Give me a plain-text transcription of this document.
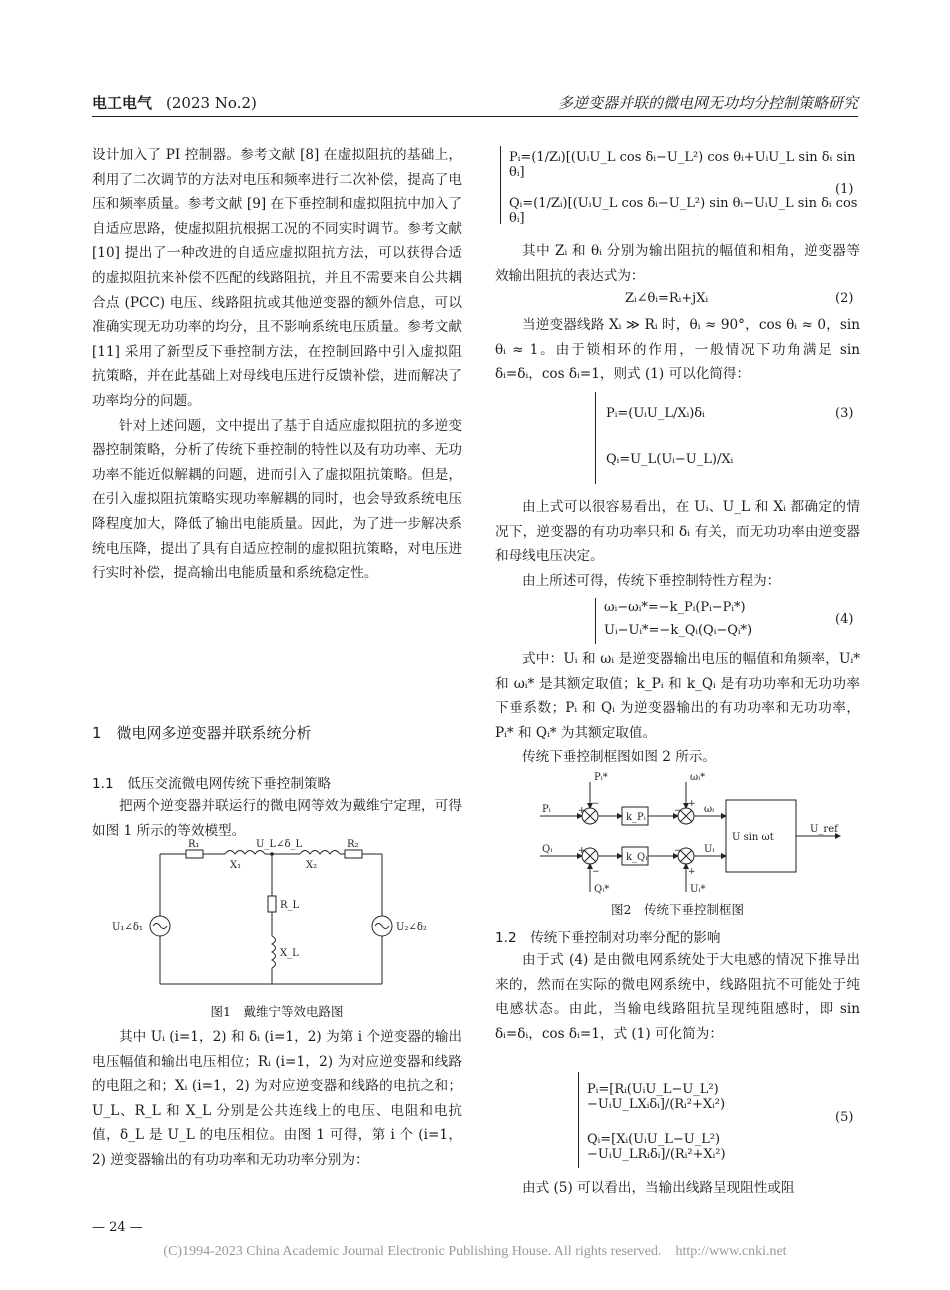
电工电气 (2023 No.2)	多逆变器并联的微电网无功均分控制策略研究

设计加入了 PI 控制器。参考文献 [8] 在虚拟阻抗的基础上，利用了二次调节的方法对电压和频率进行二次补偿，提高了电压和频率质量。参考文献 [9] 在下垂控制和虚拟阻抗中加入了自适应思路，使虚拟阻抗根据工况的不同实时调节。参考文献 [10] 提出了一种改进的自适应虚拟阻抗方法，可以获得合适的虚拟阻抗来补偿不匹配的线路阻抗，并且不需要来自公共耦合点 (PCC) 电压、线路阻抗或其他逆变器的额外信息，可以准确实现无功功率的均分，且不影响系统电压质量。参考文献 [11] 采用了新型反下垂控制方法，在控制回路中引入虚拟阻抗策略，并在此基础上对母线电压进行反馈补偿，进而解决了功率均分的问题。

针对上述问题，文中提出了基于自适应虚拟阻抗的多逆变器控制策略，分析了传统下垂控制的特性以及有功功率、无功功率不能近似解耦的问题，进而引入了虚拟阻抗策略。但是，在引入虚拟阻抗策略实现功率解耦的同时，也会导致系统电压降程度加大，降低了输出电能质量。因此，为了进一步解决系统电压降，提出了具有自适应控制的虚拟阻抗策略，对电压进行实时补偿，提高输出电能质量和系统稳定性。

1　微电网多逆变器并联系统分析
1.1　低压交流微电网传统下垂控制策略
把两个逆变器并联运行的微电网等效为戴维宁定理，可得如图 1 所示的等效模型。
R₁
X₁
U_L∠δ_L
X₂
R₂
R_L
X_L
U₁∠δ₁	U₂∠δ₂
图1　戴维宁等效电路图
其中 Uᵢ (i=1，2) 和 δᵢ (i=1，2) 为第 i 个逆变器的输出电压幅值和输出电压相位；Rᵢ (i=1，2) 为对应逆变器和线路的电阻之和；Xᵢ (i=1，2) 为对应逆变器和线路的电抗之和；U_L、R_L 和 X_L 分别是公共连线上的电压、电阻和电抗值，δ_L 是 U_L 的电压相位。由图 1 可得，第 i 个 (i=1，2) 逆变器输出的有功功率和无功功率分别为：
Pᵢ=(1/Zᵢ)[(UᵢU_L cos δᵢ−U_L²) cos θᵢ+UᵢU_L sin δᵢ sin θᵢ]
Qᵢ=(1/Zᵢ)[(UᵢU_L cos δᵢ−U_L²) sin θᵢ−UᵢU_L sin δᵢ cos θᵢ]
(1)
其中 Zᵢ 和 θᵢ 分别为输出阻抗的幅值和相角，逆变器等效输出阻抗的表达式为：
Zᵢ∠θᵢ=Rᵢ+jXᵢ	(2)
当逆变器线路 Xᵢ ≫ Rᵢ 时，θᵢ ≈ 90°，cos θᵢ ≈ 0，sin θᵢ ≈ 1。由于锁相环的作用，一般情况下功角满足 sin δᵢ=δᵢ，cos δᵢ=1，则式 (1) 可以化简得：
Pᵢ=(UᵢU_L/Xᵢ)δᵢ
Qᵢ=U_L(Uᵢ−U_L)/Xᵢ
(3)
由上式可以很容易看出，在 Uᵢ、U_L 和 Xᵢ 都确定的情况下，逆变器的有功功率只和 δᵢ 有关，而无功功率由逆变器和母线电压决定。
由上所述可得，传统下垂控制特性方程为：
ωᵢ−ωᵢ*=−k_Pᵢ(Pᵢ−Pᵢ*)
Uᵢ−Uᵢ*=−k_Qᵢ(Qᵢ−Qᵢ*)
(4)
式中：Uᵢ 和 ωᵢ 是逆变器输出电压的幅值和角频率，Uᵢ* 和 ωᵢ* 是其额定取值；k_Pᵢ 和 k_Qᵢ 是有功功率和无功功率下垂系数；Pᵢ 和 Qᵢ 为逆变器输出的有功功率和无功功率，Pᵢ* 和 Qᵢ* 为其额定取值。
传统下垂控制框图如图 2 所示。
Pᵢ*	ωᵢ*
Pᵢ
Qᵢ
k_Pᵢ
k_Qᵢ
ωᵢ
Uᵢ
U sin ωt
U_ref
Qᵢ*	Uᵢ*
+
−
+
−
−
+
−
+
图2　传统下垂控制框图
1.2　传统下垂控制对功率分配的影响
由于式 (4) 是由微电网系统处于大电感的情况下推导出来的，然而在实际的微电网系统中，线路阻抗不可能处于纯电感状态。由此，当输电线路阻抗呈现纯阻感时，即 sin δᵢ=δᵢ，cos δᵢ=1，式 (1) 可化简为：
Pᵢ=[Rᵢ(UᵢU_L−U_L²)−UᵢU_LXᵢδᵢ]/(Rᵢ²+Xᵢ²)
Qᵢ=[Xᵢ(UᵢU_L−U_L²)−UᵢU_LRᵢδᵢ]/(Rᵢ²+Xᵢ²)
(5)
由式 (5) 可以看出，当输出线路呈现阻性或阻
— 24 —
(C)1994-2023 China Academic Journal Electronic Publishing House. All rights reserved.　http://www.cnki.net
